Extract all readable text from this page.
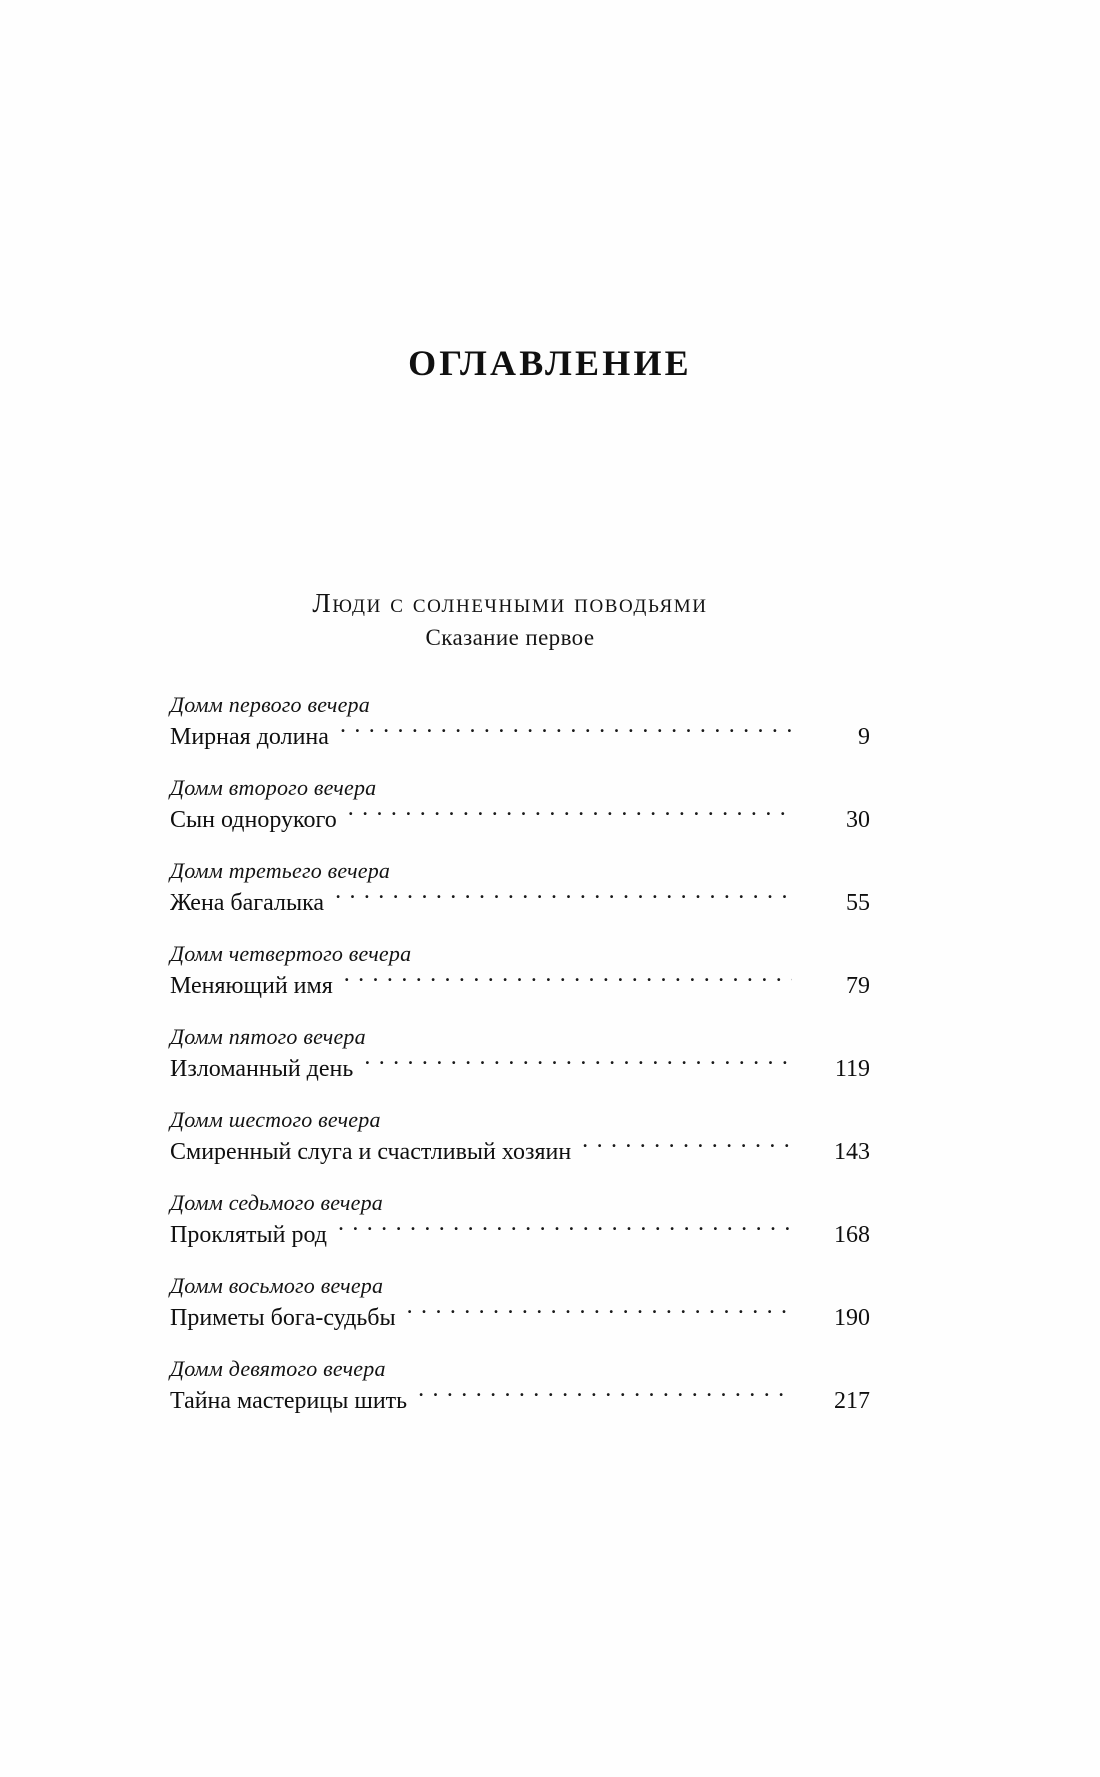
ОГЛАВЛЕНИЕ
Люди с солнечными поводьями
Сказание первое
Домм первого вечера
Мирная долина . . .	9
Домм второго вечера
Сын однорукого . . .	30
Домм третьего вечера
Жена багалыка . . .	55
Домм четвертого вечера
Меняющий имя . . .	79
Домм пятого вечера
Изломанный день . . .	119
Домм шестого вечера
Смиренный слуга и счастливый хозяин . . .	143
Домм седьмого вечера
Проклятый род . . .	168
Домм восьмого вечера
Приметы бога-судьбы . . .	190
Домм девятого вечера
Тайна мастерицы шить . . .	217
